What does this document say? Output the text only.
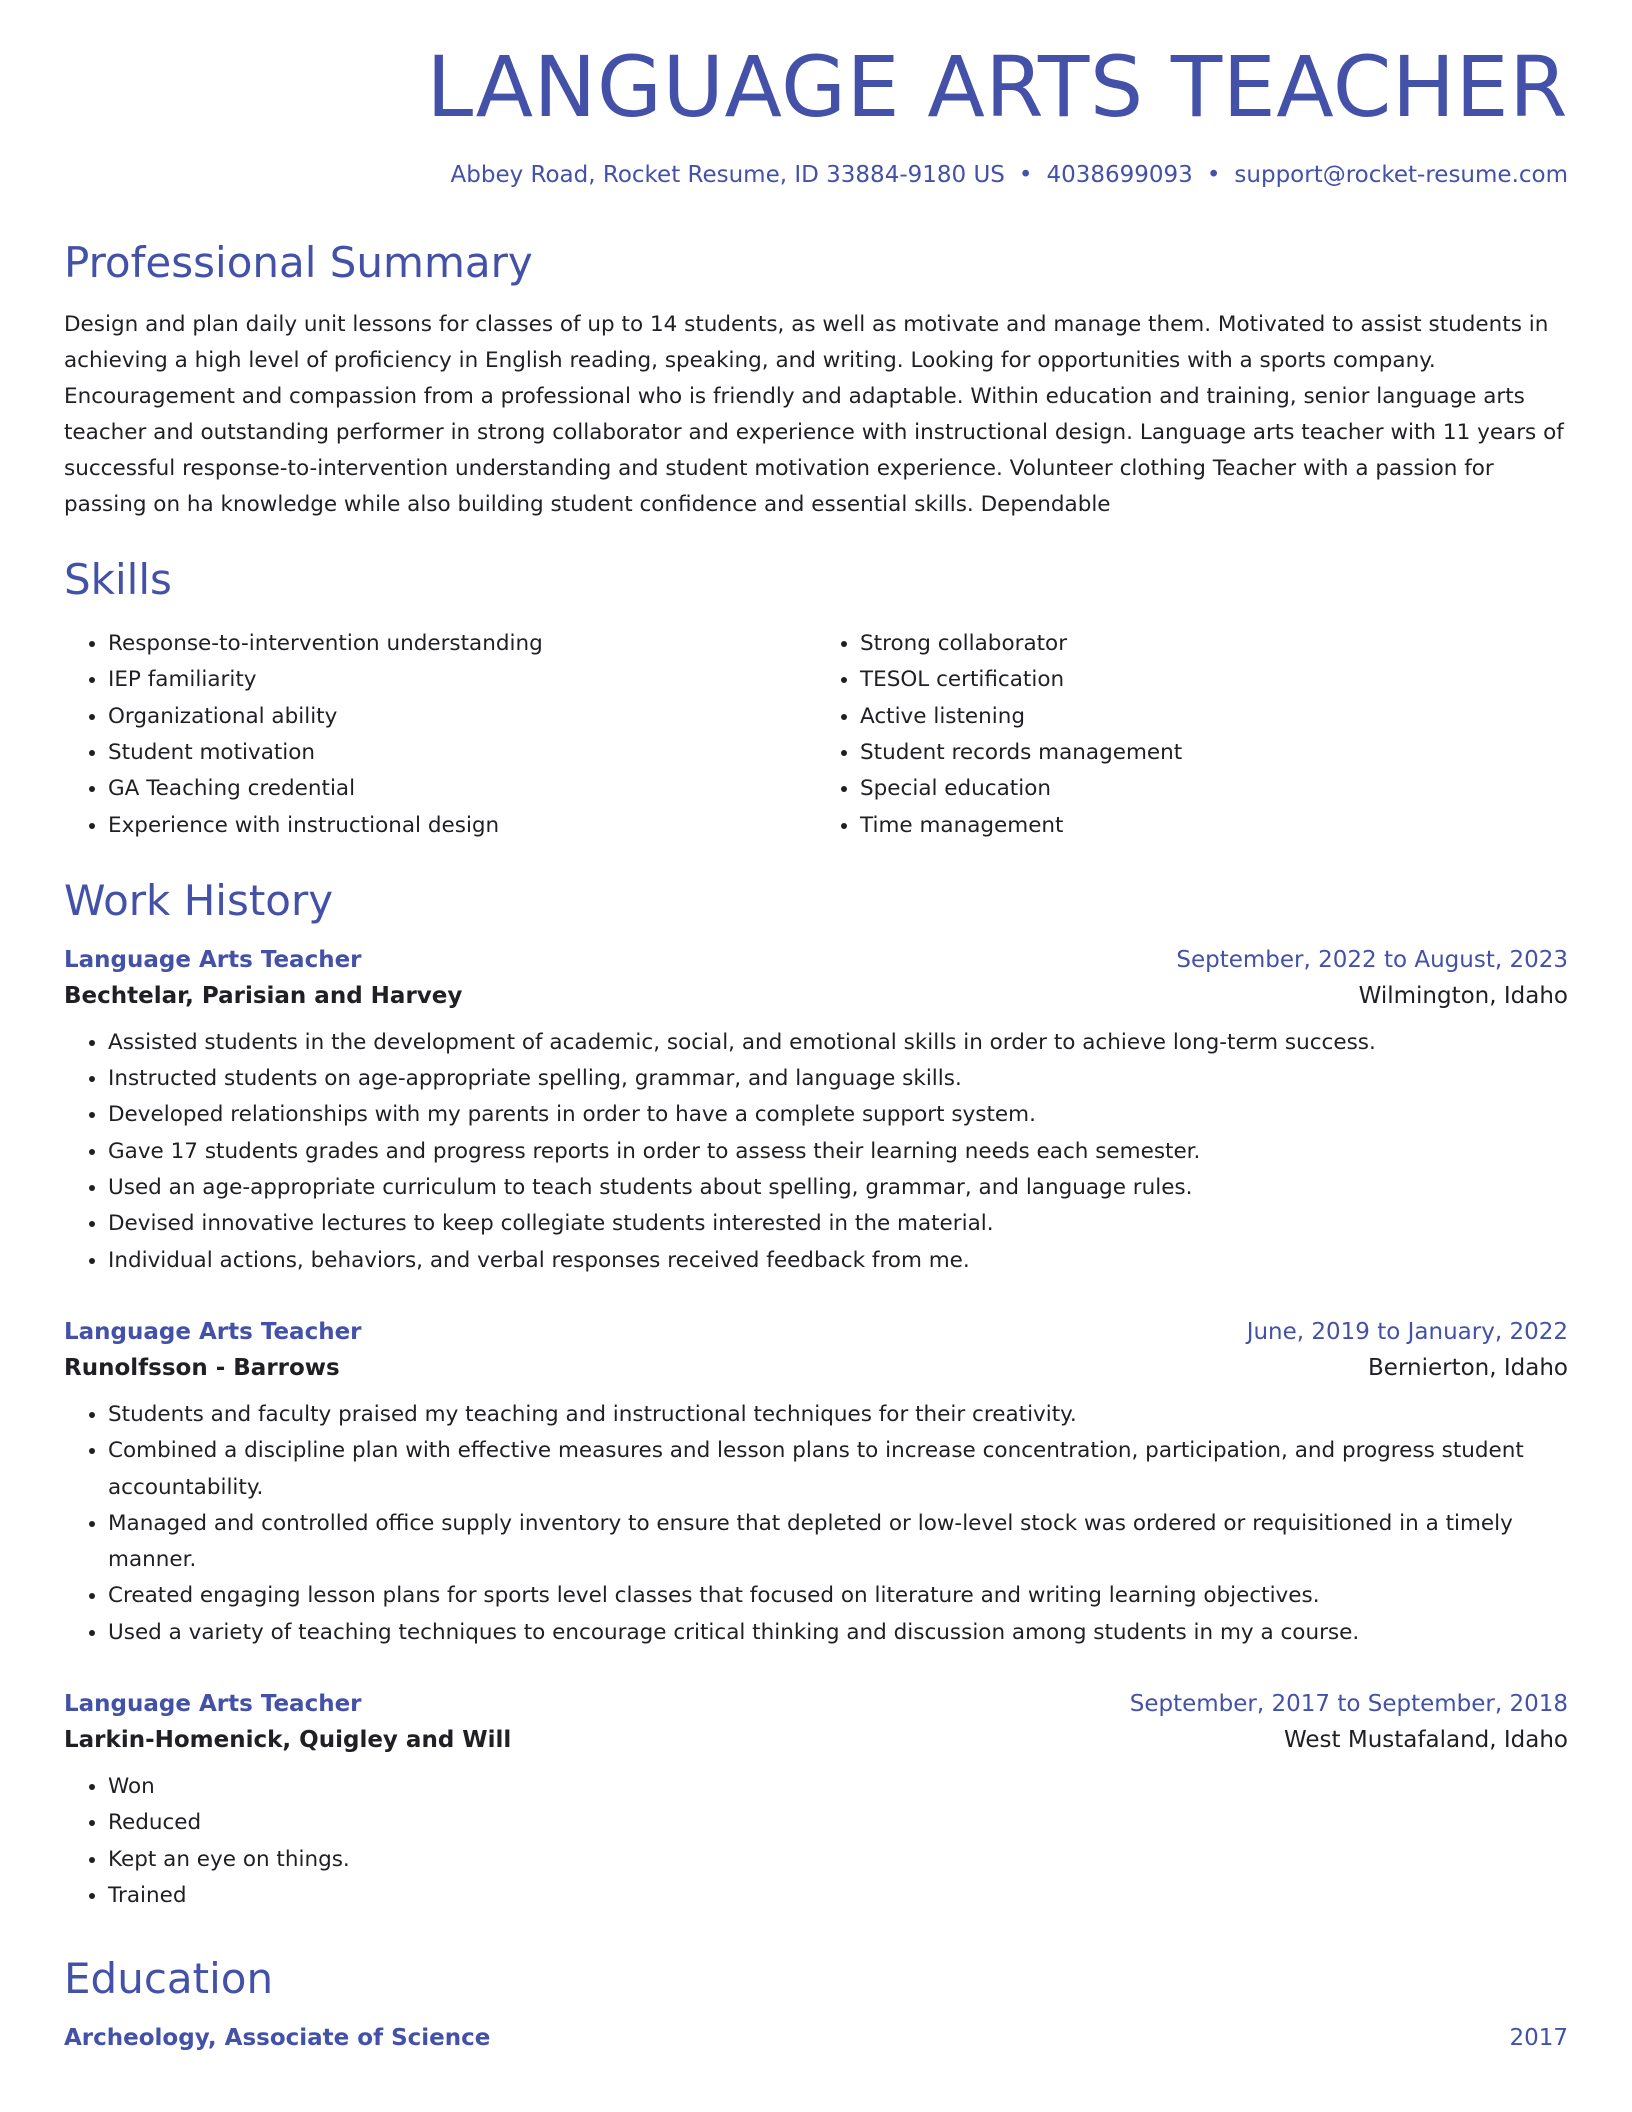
LANGUAGE ARTS TEACHER
Abbey Road, Rocket Resume, ID 33884-9180 US • 4038699093 • support@rocket-resume.com
Professional Summary

Design and plan daily unit lessons for classes of up to 14 students, as well as motivate and manage them. Motivated to assist students in achieving a high level of proficiency in English reading, speaking, and writing. Looking for opportunities with a sports company. Encouragement and compassion from a professional who is friendly and adaptable. Within education and training, senior language arts teacher and outstanding performer in strong collaborator and experience with instructional design. Language arts teacher with 11 years of successful response-to-intervention understanding and student motivation experience. Volunteer clothing Teacher with a passion for passing on ha knowledge while also building student confidence and essential skills. Dependable

Skills
• Response-to-intervention understanding
• IEP familiarity
• Organizational ability
• Student motivation
• GA Teaching credential
• Experience with instructional design
• Strong collaborator
• TESOL certification
• Active listening
• Student records management
• Special education
• Time management
Work History
Language Arts Teacher	September, 2022 to August, 2023
Bechtelar, Parisian and Harvey	Wilmington, Idaho
• Assisted students in the development of academic, social, and emotional skills in order to achieve long-term success.
• Instructed students on age-appropriate spelling, grammar, and language skills.
• Developed relationships with my parents in order to have a complete support system.
• Gave 17 students grades and progress reports in order to assess their learning needs each semester.
• Used an age-appropriate curriculum to teach students about spelling, grammar, and language rules.
• Devised innovative lectures to keep collegiate students interested in the material.
• Individual actions, behaviors, and verbal responses received feedback from me.
Language Arts Teacher	June, 2019 to January, 2022
Runolfsson - Barrows	Bernierton, Idaho
• Students and faculty praised my teaching and instructional techniques for their creativity.
• Combined a discipline plan with effective measures and lesson plans to increase concentration, participation, and progress student accountability.
• Managed and controlled office supply inventory to ensure that depleted or low-level stock was ordered or requisitioned in a timely manner.
• Created engaging lesson plans for sports level classes that focused on literature and writing learning objectives.
• Used a variety of teaching techniques to encourage critical thinking and discussion among students in my a course.
Language Arts Teacher	September, 2017 to September, 2018
Larkin-Homenick, Quigley and Will	West Mustafaland, Idaho
• Won
• Reduced
• Kept an eye on things.
• Trained
Education
Archeology, Associate of Science	2017
